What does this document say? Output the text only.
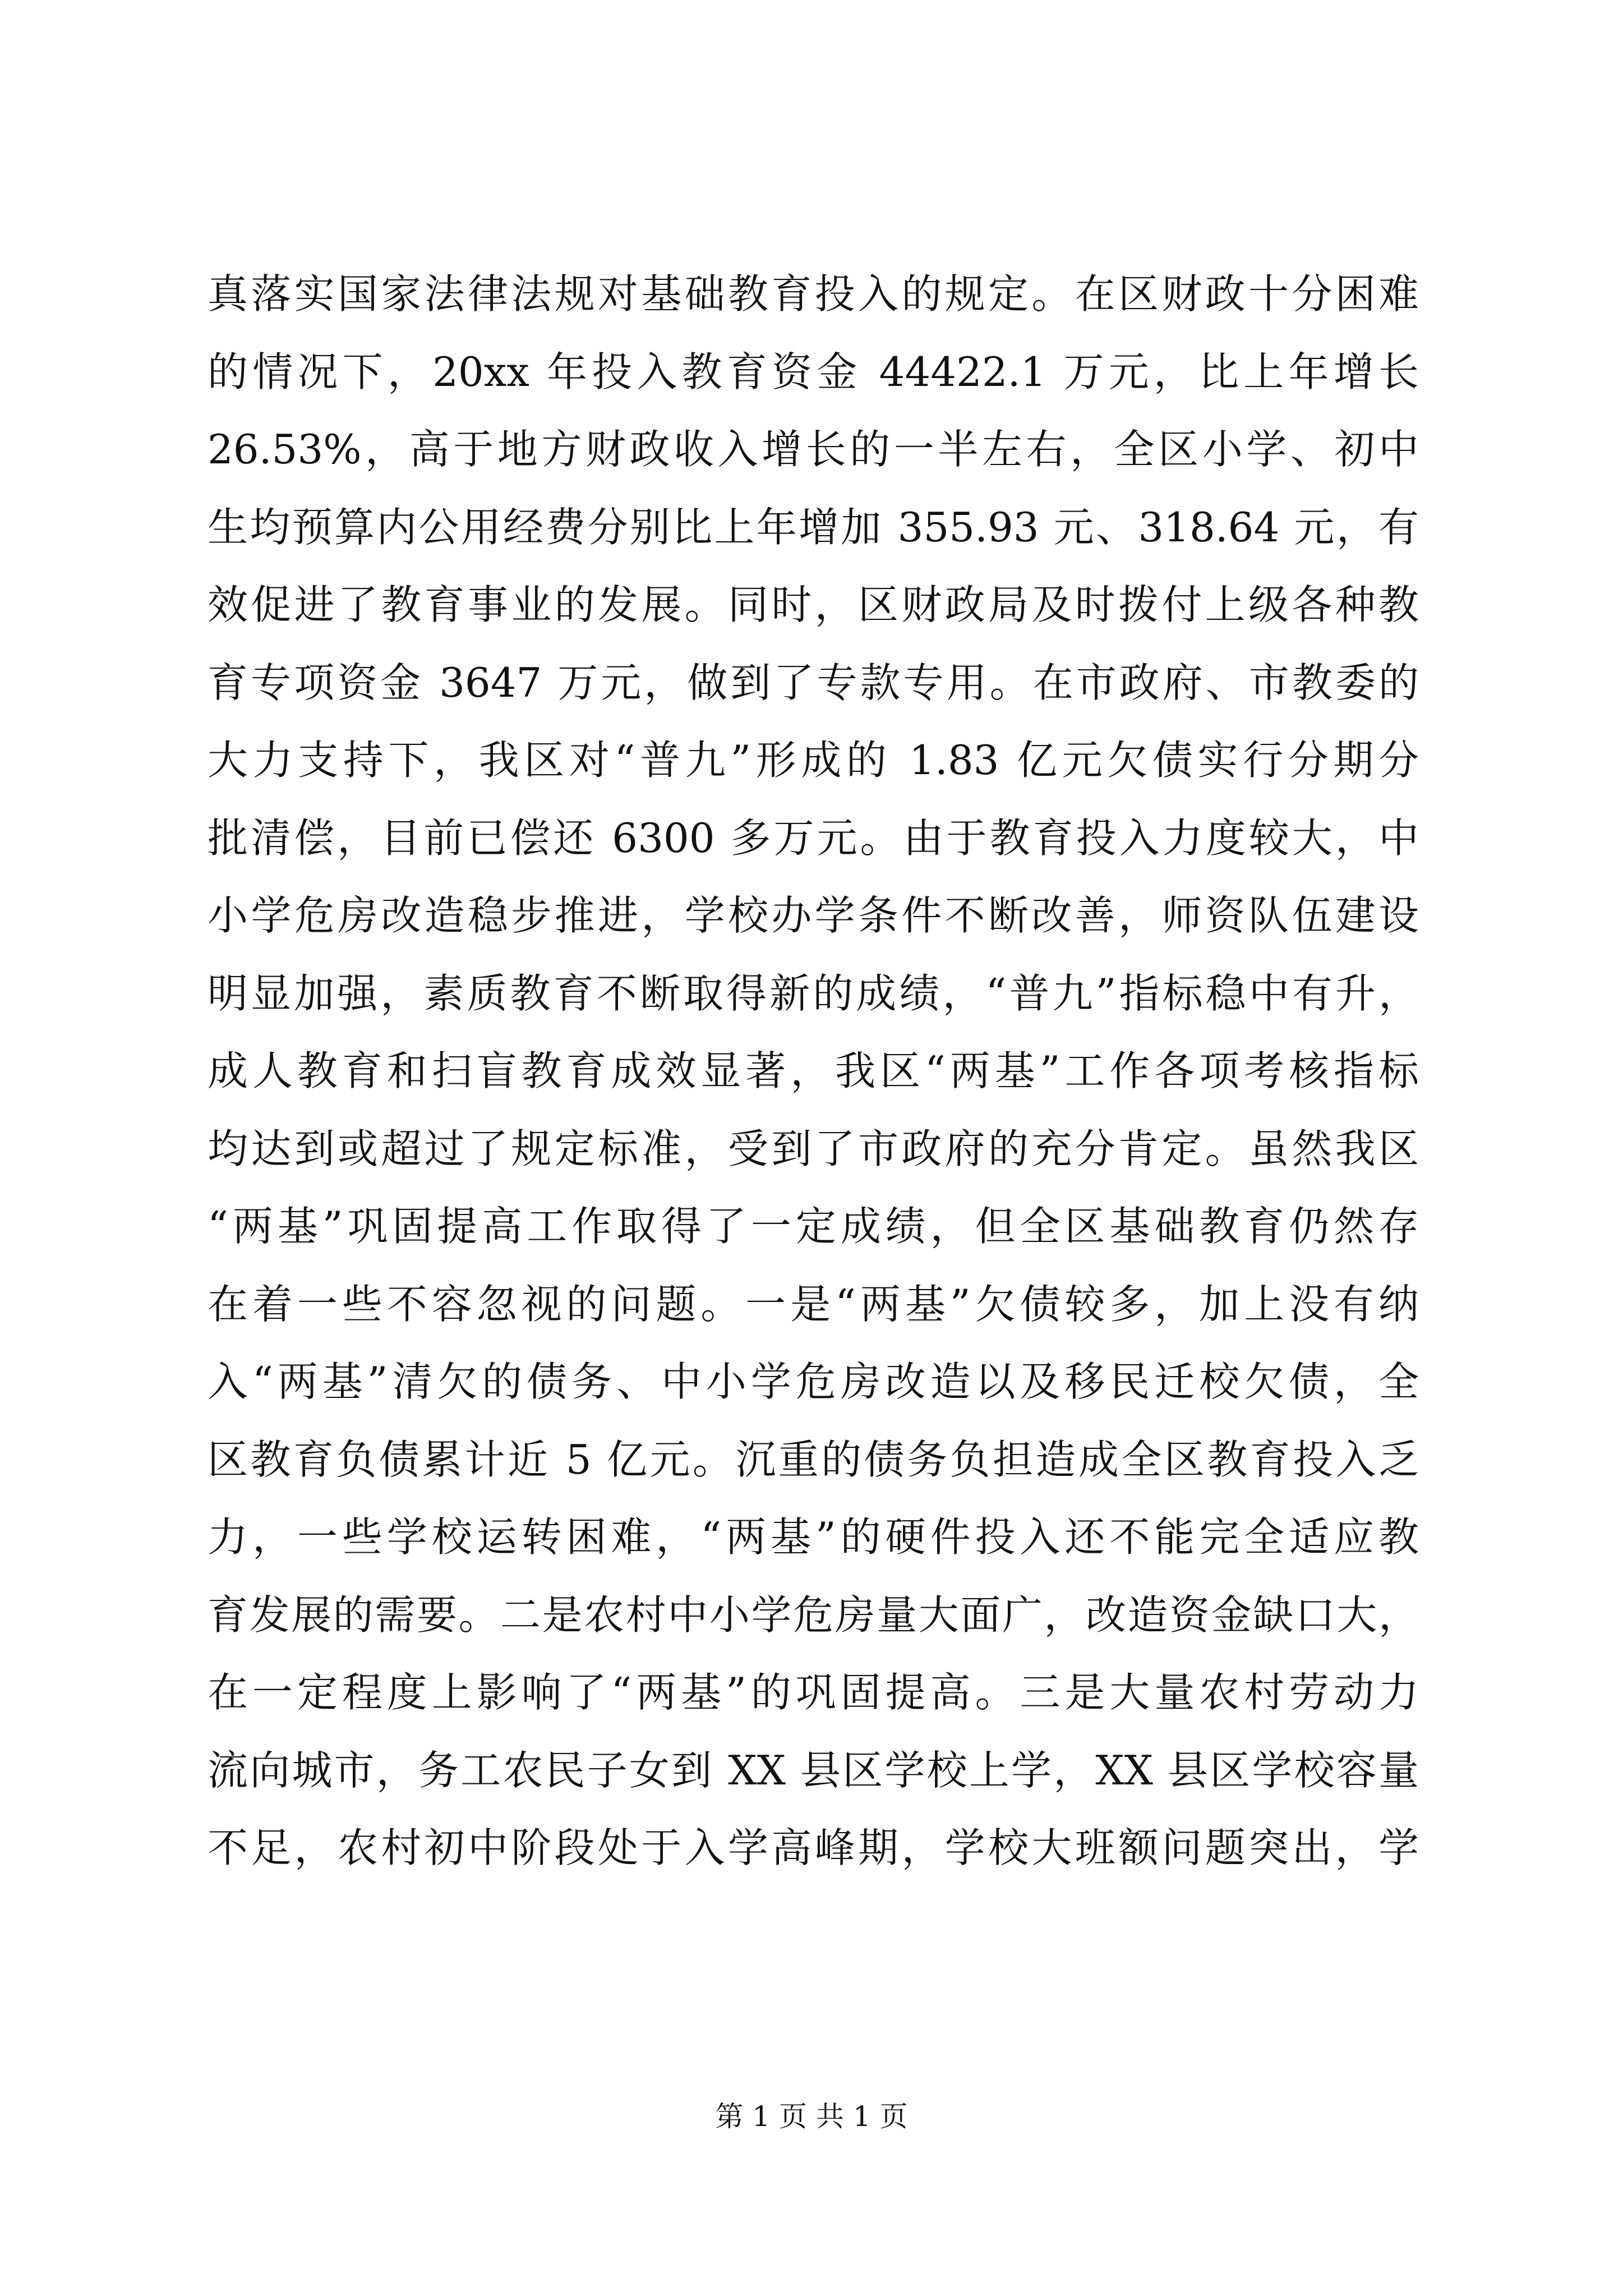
真落实国家法律法规对基础教育投入的规定。在区财政十分困难
的情况下，20xx 年投入教育资金 44422.1 万元，比上年增长
26.53%，高于地方财政收入增长的一半左右，全区小学、初中
生均预算内公用经费分别比上年增加 355.93 元、318.64 元，有
效促进了教育事业的发展。同时，区财政局及时拨付上级各种教
育专项资金 3647 万元，做到了专款专用。在市政府、市教委的
大力支持下，我区对“普九”形成的 1.83 亿元欠债实行分期分
批清偿，目前已偿还 6300 多万元。由于教育投入力度较大，中
小学危房改造稳步推进，学校办学条件不断改善，师资队伍建设
明显加强，素质教育不断取得新的成绩，“普九”指标稳中有升，
成人教育和扫盲教育成效显著，我区“两基”工作各项考核指标
均达到或超过了规定标准，受到了市政府的充分肯定。虽然我区
“两基”巩固提高工作取得了一定成绩，但全区基础教育仍然存
在着一些不容忽视的问题。一是“两基”欠债较多，加上没有纳
入“两基”清欠的债务、中小学危房改造以及移民迁校欠债，全
区教育负债累计近 5 亿元。沉重的债务负担造成全区教育投入乏
力，一些学校运转困难，“两基”的硬件投入还不能完全适应教
育发展的需要。二是农村中小学危房量大面广，改造资金缺口大，
在一定程度上影响了“两基”的巩固提高。三是大量农村劳动力
流向城市，务工农民子女到 XX 县区学校上学，XX 县区学校容量
不足，农村初中阶段处于入学高峰期，学校大班额问题突出，学
第 1 页 共 1 页
